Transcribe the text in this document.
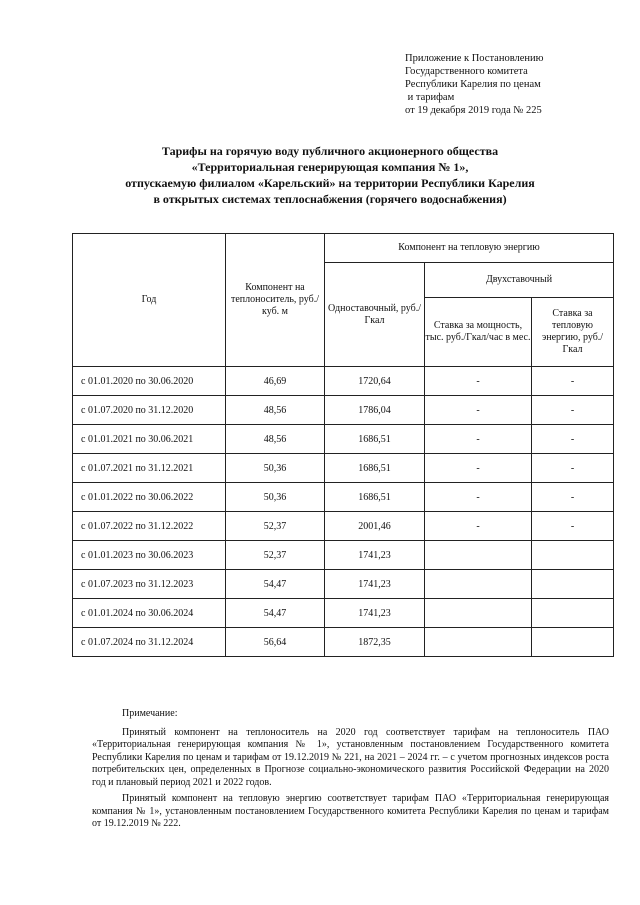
Приложение к Постановлению
Государственного комитета
Республики Карелия по ценам
и тарифам
от 19 декабря 2019 года № 225
Тарифы на горячую воду публичного акционерного общества
«Территориальная генерирующая компания № 1»,
отпускаемую филиалом «Карельский» на территории Республики Карелия
в открытых системах теплоснабжения (горячего водоснабжения)
Год	Компонент на теплоноситель, руб./куб. м	Компонент на тепловую энергию		
		Одноставочный, руб./Гкал	Двухставочный	
			Ставка за мощность, тыс. руб./Гкал/час в мес.	Ставка за тепловую энергию, руб./Гкал
с 01.01.2020 по 30.06.2020	46,69	1720,64	-	-
с 01.07.2020 по 31.12.2020	48,56	1786,04	-	-
с 01.01.2021 по 30.06.2021	48,56	1686,51	-	-
с 01.07.2021 по 31.12.2021	50,36	1686,51	-	-
с 01.01.2022 по 30.06.2022	50,36	1686,51	-	-
с 01.07.2022 по 31.12.2022	52,37	2001,46	-	-
с 01.01.2023 по 30.06.2023	52,37	1741,23		
с 01.07.2023 по 31.12.2023	54,47	1741,23		
с 01.01.2024 по 30.06.2024	54,47	1741,23		
с 01.07.2024 по 31.12.2024	56,64	1872,35		
Примечание:

Принятый компонент на теплоноситель на 2020 год соответствует тарифам на теплоноситель ПАО «Территориальная генерирующая компания № 1», установленным постановлением Государственного комитета Республики Карелия по ценам и тарифам от 19.12.2019 № 221, на 2021 – 2024 гг. – с учетом прогнозных индексов роста потребительских цен, определенных в Прогнозе социально-экономического развития Российской Федерации на 2020 год и плановый период 2021 и 2022 годов.

Принятый компонент на тепловую энергию соответствует тарифам ПАО «Территориальная генерирующая компания № 1», установленным постановлением Государственного комитета Республики Карелия по ценам и тарифам от 19.12.2019 № 222.
